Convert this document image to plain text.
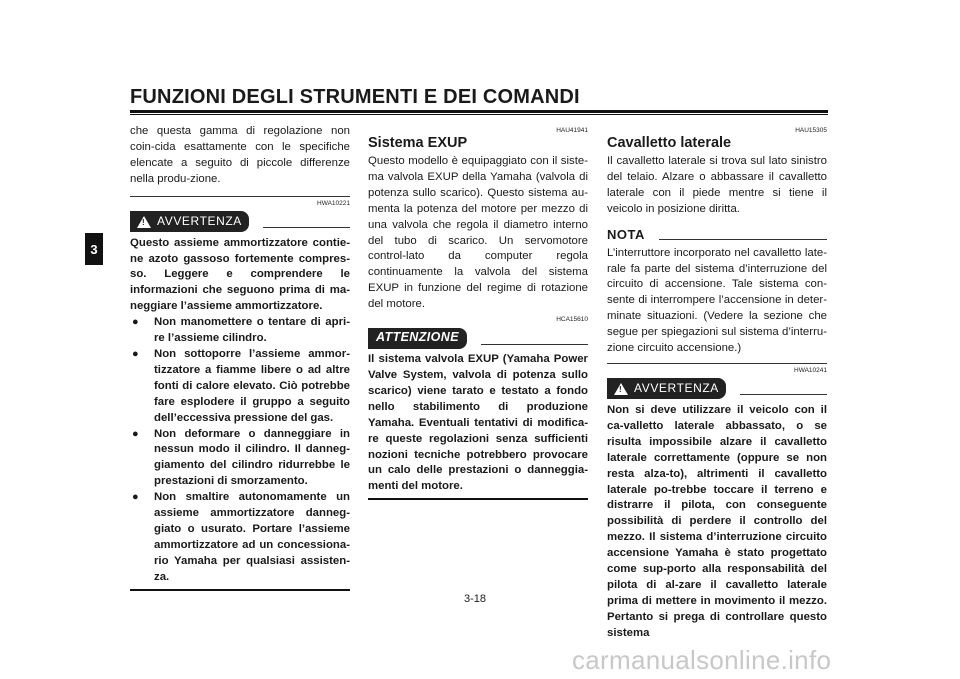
FUNZIONI DEGLI STRUMENTI E DEI COMANDI
3

che questa gamma di regolazione non coin-cida esattamente con le specifiche elencate a seguito di piccole differenze nella produ-zione.

HWA10221
! AVVERTENZA

Questo assieme ammortizzatore contie-ne azoto gassoso fortemente compres-so. Leggere e comprendere le informazioni che seguono prima di ma-neggiare l’assieme ammortizzatore.

●	Non manomettere o tentare di apri-re l’assieme cilindro.
●	Non sottoporre l’assieme ammor-tizzatore a fiamme libere o ad altre fonti di calore elevato. Ciò potrebbe fare esplodere il gruppo a seguito dell’eccessiva pressione del gas.
●	Non deformare o danneggiare in nessun modo il cilindro. Il danneg-giamento del cilindro ridurrebbe le prestazioni di smorzamento.
●	Non smaltire autonomamente un assieme ammortizzatore danneg-giato o usurato. Portare l’assieme ammortizzatore ad un concessiona-rio Yamaha per qualsiasi assisten-za.
HAU41941
Sistema EXUP

Questo modello è equipaggiato con il siste-ma valvola EXUP della Yamaha (valvola di potenza sullo scarico). Questo sistema au-menta la potenza del motore per mezzo di una valvola che regola il diametro interno del tubo di scarico. Un servomotore control-lato da computer regola continuamente la valvola del sistema EXUP in funzione del regime di rotazione del motore.

HCA15610
ATTENZIONE

Il sistema valvola EXUP (Yamaha Power Valve System, valvola di potenza sullo scarico) viene tarato e testato a fondo nello stabilimento di produzione Yamaha. Eventuali tentativi di modifica-re queste regolazioni senza sufficienti nozioni tecniche potrebbero provocare un calo delle prestazioni o danneggia-menti del motore.

HAU15305
Cavalletto laterale

Il cavalletto laterale si trova sul lato sinistro del telaio. Alzare o abbassare il cavalletto laterale con il piede mentre si tiene il veicolo in posizione diritta.

NOTA

L’interruttore incorporato nel cavalletto late-rale fa parte del sistema d’interruzione del circuito di accensione. Tale sistema con-sente di interrompere l’accensione in deter-minate situazioni. (Vedere la sezione che segue per spiegazioni sul sistema d’interru-zione circuito accensione.)

HWA10241
! AVVERTENZA

Non si deve utilizzare il veicolo con il ca-valletto laterale abbassato, o se risulta impossibile alzare il cavalletto laterale correttamente (oppure se non resta alza-to), altrimenti il cavalletto laterale po-trebbe toccare il terreno e distrarre il pilota, con conseguente possibilità di perdere il controllo del mezzo. Il sistema d’interruzione circuito accensione Yamaha è stato progettato come sup-porto alla responsabilità del pilota di al-zare il cavalletto laterale prima di mettere in movimento il mezzo. Pertanto si prega di controllare questo sistema

3-18
carmanualsonline.info
